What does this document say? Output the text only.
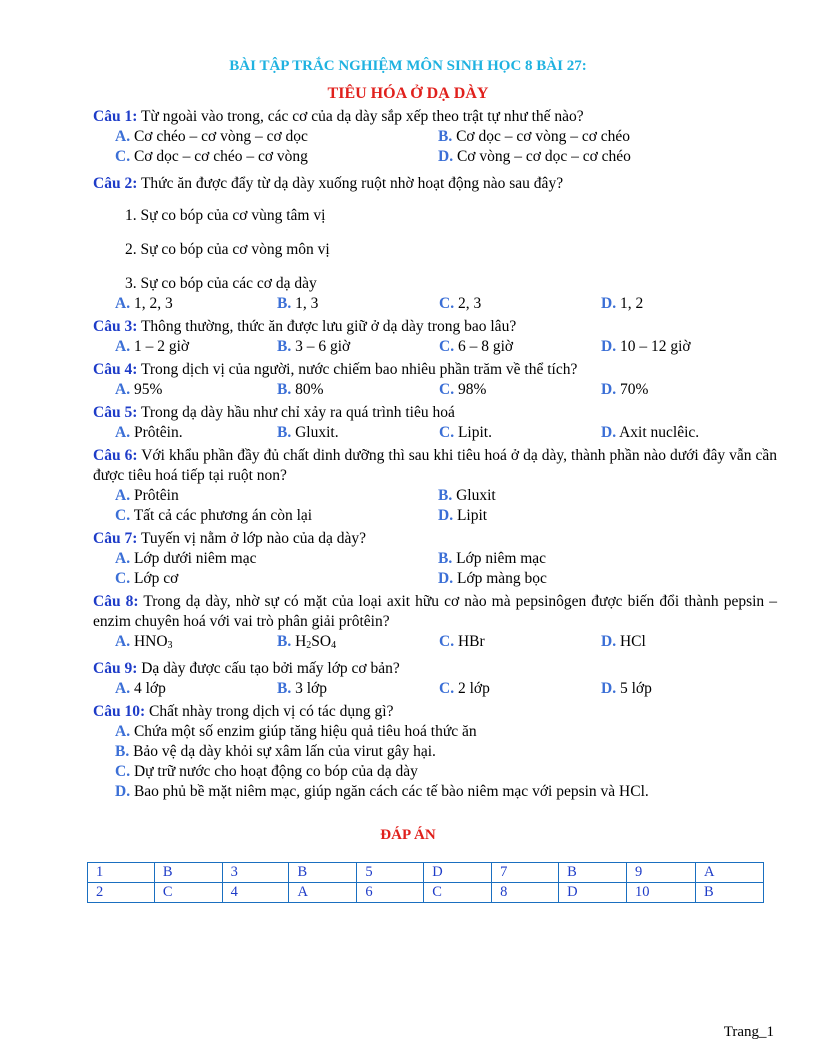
BÀI TẬP TRẮC NGHIỆM MÔN SINH HỌC 8 BÀI 27:
TIÊU HÓA Ở DẠ DÀY
Câu 1: Từ ngoài vào trong, các cơ của dạ dày sắp xếp theo trật tự như thế nào?
A. Cơ chéo – cơ vòng – cơ dọc	B. Cơ dọc – cơ vòng – cơ chéo
C. Cơ dọc – cơ chéo – cơ vòng	D. Cơ vòng – cơ dọc – cơ chéo
Câu 2: Thức ăn được đẩy từ dạ dày xuống ruột nhờ hoạt động nào sau đây?
1. Sự co bóp của cơ vùng tâm vị
2. Sự co bóp của cơ vòng môn vị
3. Sự co bóp của các cơ dạ dày
A. 1, 2, 3	B. 1, 3	C. 2, 3	D. 1, 2
Câu 3: Thông thường, thức ăn được lưu giữ ở dạ dày trong bao lâu?
A. 1 – 2 giờ	B. 3 – 6 giờ	C. 6 – 8 giờ	D. 10 – 12 giờ
Câu 4: Trong dịch vị của người, nước chiếm bao nhiêu phần trăm về thể tích?
A. 95%	B. 80%	C. 98%	D. 70%
Câu 5: Trong dạ dày hầu như chỉ xảy ra quá trình tiêu hoá
A. Prôtêin.	B. Gluxit.	C. Lipit.	D. Axit nuclêic.
Câu 6: Với khẩu phần đầy đủ chất dinh dưỡng thì sau khi tiêu hoá ở dạ dày, thành phần nào dưới đây vẫn cần được tiêu hoá tiếp tại ruột non?
A. Prôtêin	B. Gluxit
C. Tất cả các phương án còn lại	D. Lipit
Câu 7: Tuyến vị nằm ở lớp nào của dạ dày?
A. Lớp dưới niêm mạc	B. Lớp niêm mạc
C. Lớp cơ	D. Lớp màng bọc
Câu 8: Trong dạ dày, nhờ sự có mặt của loại axit hữu cơ nào mà pepsinôgen được biến đổi thành pepsin – enzim chuyên hoá với vai trò phân giải prôtêin?
A. $HNO_3$	B. $H_2SO_4$	C. HBr	D. HCl
Câu 9: Dạ dày được cấu tạo bởi mấy lớp cơ bản?
A. 4 lớp	B. 3 lớp	C. 2 lớp	D. 5 lớp
Câu 10: Chất nhày trong dịch vị có tác dụng gì?
A. Chứa một số enzim giúp tăng hiệu quả tiêu hoá thức ăn
B. Bảo vệ dạ dày khỏi sự xâm lấn của virut gây hại.
C. Dự trữ nước cho hoạt động co bóp của dạ dày
D. Bao phủ bề mặt niêm mạc, giúp ngăn cách các tế bào niêm mạc với pepsin và HCl.
ĐÁP ÁN
1	B	3	B	5	D	7	B	9	A
2	C	4	A	6	C	8	D	10	B
Trang_1
